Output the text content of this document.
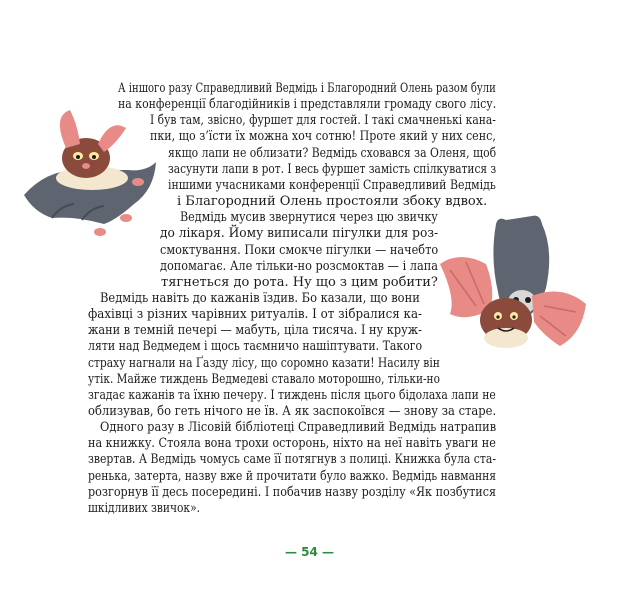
А іншого разу Справедливий Ведмідь і Благородний Олень разом були
на конференції благодійників і представляли громаду свого лісу.
І був там, звісно, фуршет для гостей. І такі смачненькі кана-
пки, що з’їсти їх можна хоч сотню! Проте який у них сенс,
якщо лапи не облизати? Ведмідь сховався за Оленя, щоб
засунути лапи в рот. І весь фуршет замість спілкуватися з
іншими учасниками конференції Справедливий Ведмідь
і Благородний Олень простояли збоку вдвох.
Ведмідь мусив звернутися через цю звичку
до лікаря. Йому виписали пігулки для роз-
смоктування. Поки смокче пігулки — начебто
допомагає. Але тільки-но розсмоктав — і лапа
тягнеться до рота. Ну що з цим робити?
Ведмідь навіть до кажанів їздив. Бо казали, що вони
фахівці з різних чарівних ритуалів. І от зібралися ка-
жани в темній печері — мабуть, ціла тисяча. І ну круж-
ляти над Ведмедем і щось таємничо нашіптувати. Такого
страху нагнали на Ґазду лісу, що соромно казати! Насилу він
утік. Майже тиждень Ведмедеві ставало моторошно, тільки-но
згадає кажанів та їхню печеру. І тиждень після цього бідолаха лапи не
облизував, бо геть нічого не їв. А як заспокоївся — знову за старе.
Одного разу в Лісовій бібліотеці Справедливий Ведмідь натрапив
на книжку. Стояла вона трохи осторонь, ніхто на неї навіть уваги не
звертав. А Ведмідь чомусь саме її потягнув з полиці. Книжка була ста-
ренька, затерта, назву вже й прочитати було важко. Ведмідь навмання
розгорнув її десь посередині. І побачив назву розділу «Як позбутися
шкідливих звичок».
— 54 —
